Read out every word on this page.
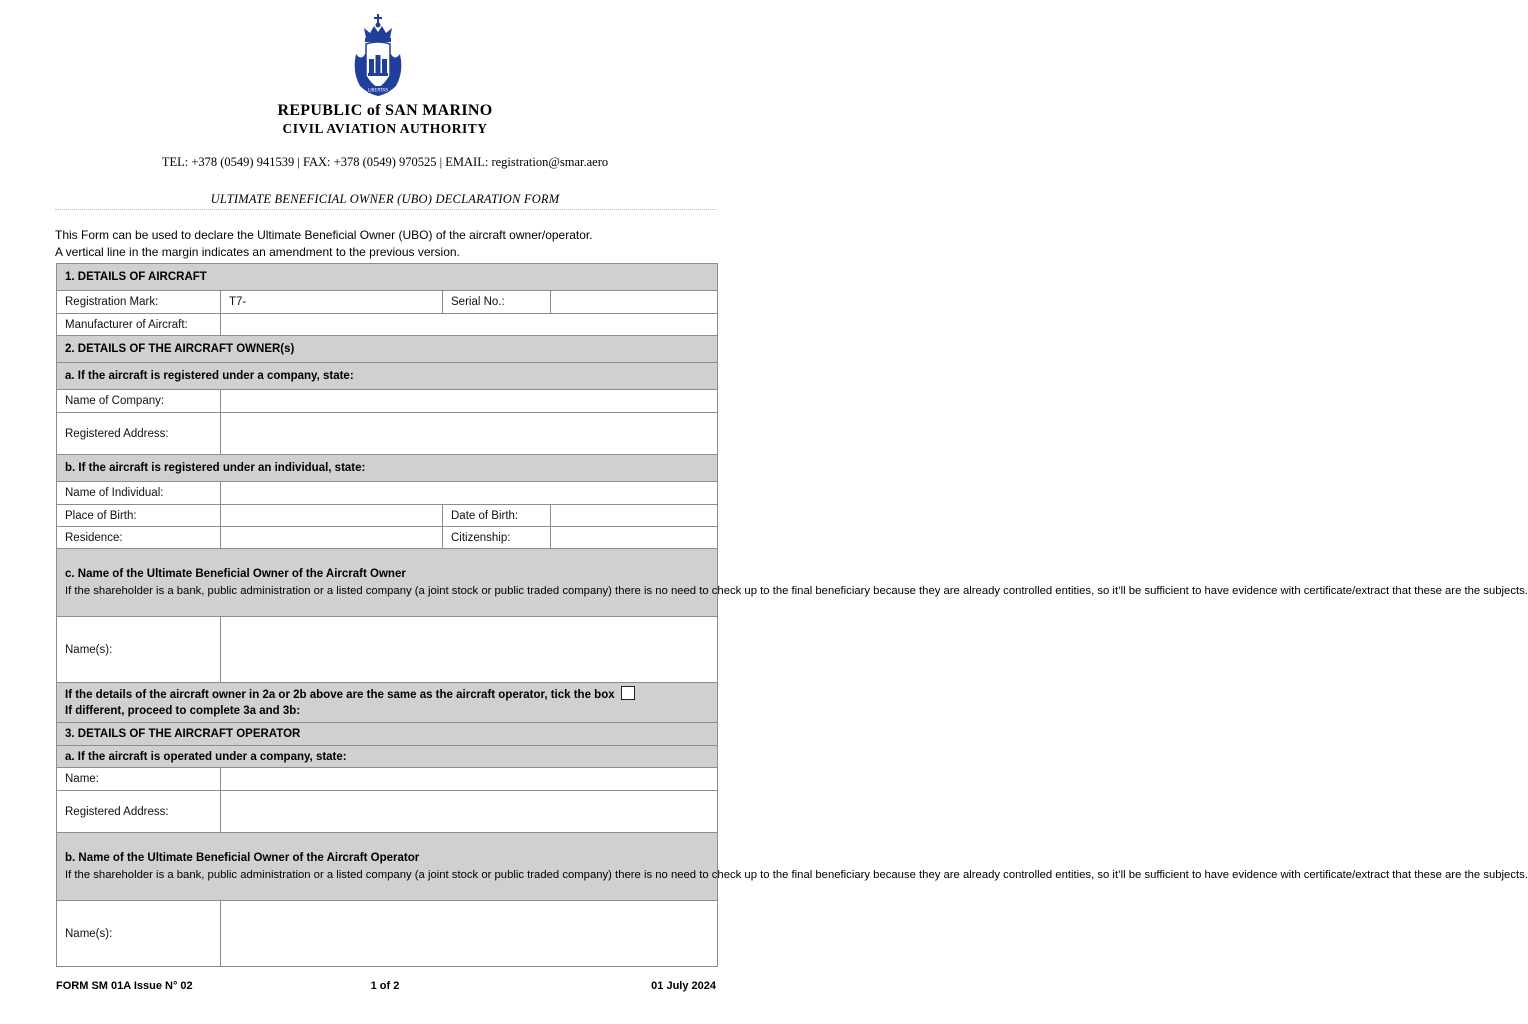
LIBERTAS
REPUBLIC of SAN MARINO
CIVIL AVIATION AUTHORITY
TEL: +378 (0549) 941539 | FAX: +378 (0549) 970525 | EMAIL: registration@smar.aero
ULTIMATE BENEFICIAL OWNER (UBO) DECLARATION FORM
This Form can be used to declare the Ultimate Beneficial Owner (UBO) of the aircraft owner/operator.
A vertical line in the margin indicates an amendment to the previous version.
1. DETAILS OF AIRCRAFT			
Registration Mark:	T7-	Serial No.:	
Manufacturer of Aircraft:			
2. DETAILS OF THE AIRCRAFT OWNER(s)			
a. If the aircraft is registered under a company, state:			
Name of Company:			
Registered Address:			
b. If the aircraft is registered under an individual, state:			
Name of Individual:			
Place of Birth:		Date of Birth:	
Residence:		Citizenship:	

c. Name of the Ultimate Beneficial Owner of the Aircraft Owner
If the shareholder is a bank, public administration or a listed company (a joint stock or public traded company) there is no need to check up to the final beneficiary because they are already controlled entities, so it’ll be sufficient to have evidence with certificate/extract that these are the subjects.			

Name(s):			
If the details of the aircraft owner in 2a or 2b above are the same as the aircraft operator, tick the box
If different, proceed to complete 3a and 3b:			
3. DETAILS OF THE AIRCRAFT OPERATOR			
a. If the aircraft is operated under a company, state:			
Name:			
Registered Address:			

b. Name of the Ultimate Beneficial Owner of the Aircraft Operator
If the shareholder is a bank, public administration or a listed company (a joint stock or public traded company) there is no need to check up to the final beneficiary because they are already controlled entities, so it’ll be sufficient to have evidence with certificate/extract that these are the subjects.			

Name(s):			
FORM SM 01A Issue N° 02	1 of 2	01 July 2024
